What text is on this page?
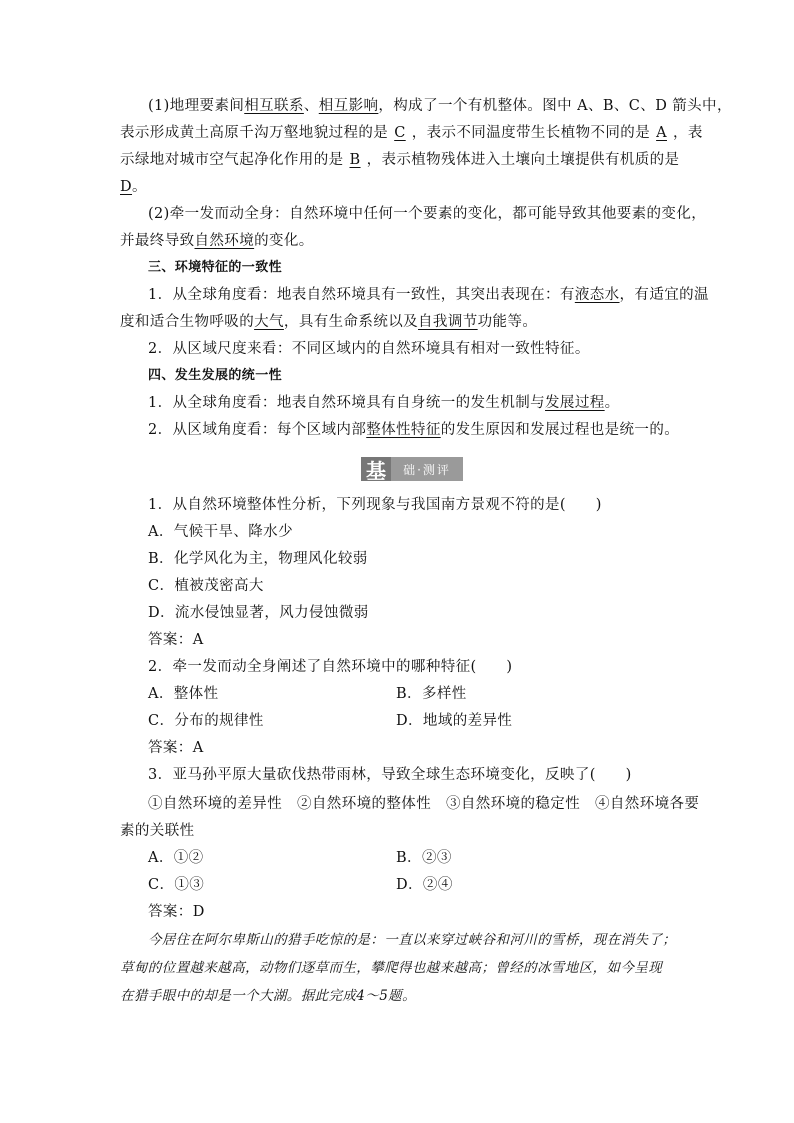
(1)地理要素间相互联系、相互影响，构成了一个有机整体。图中 A、B、C、D 箭头中，
表示形成黄土高原千沟万壑地貌过程的是 C ，表示不同温度带生长植物不同的是 A ，表
示绿地对城市空气起净化作用的是 B ，表示植物残体进入土壤向土壤提供有机质的是
D。
(2)牵一发而动全身：自然环境中任何一个要素的变化，都可能导致其他要素的变化，
并最终导致自然环境的变化。
三、环境特征的一致性
1．从全球角度看：地表自然环境具有一致性，其突出表现在：有液态水，有适宜的温
度和适合生物呼吸的大气，具有生命系统以及自我调节功能等。
2．从区域尺度来看：不同区域内的自然环境具有相对一致性特征。
四、发生发展的统一性
1．从全球角度看：地表自然环境具有自身统一的发生机制与发展过程。
2．从区域角度看：每个区域内部整体性特征的发生原因和发展过程也是统一的。
基	础·测评
1．从自然环境整体性分析，下列现象与我国南方景观不符的是(　　)
A．气候干旱、降水少
B．化学风化为主，物理风化较弱
C．植被茂密高大
D．流水侵蚀显著，风力侵蚀微弱
答案：A
2．牵一发而动全身阐述了自然环境中的哪种特征(　　)
A．整体性	B．多样性
C．分布的规律性	D．地域的差异性
答案：A
3．亚马孙平原大量砍伐热带雨林，导致全球生态环境变化，反映了(　　)
①自然环境的差异性　②自然环境的整体性　③自然环境的稳定性　④自然环境各要
素的关联性
A．①②	B．②③
C．①③	D．②④
答案：D
今居住在阿尔卑斯山的猎手吃惊的是：一直以来穿过峡谷和河川的雪桥，现在消失了；
草甸的位置越来越高，动物们逐草而生，攀爬得也越来越高；曾经的冰雪地区，如今呈现
在猎手眼中的却是一个大湖。据此完成4～5题。
